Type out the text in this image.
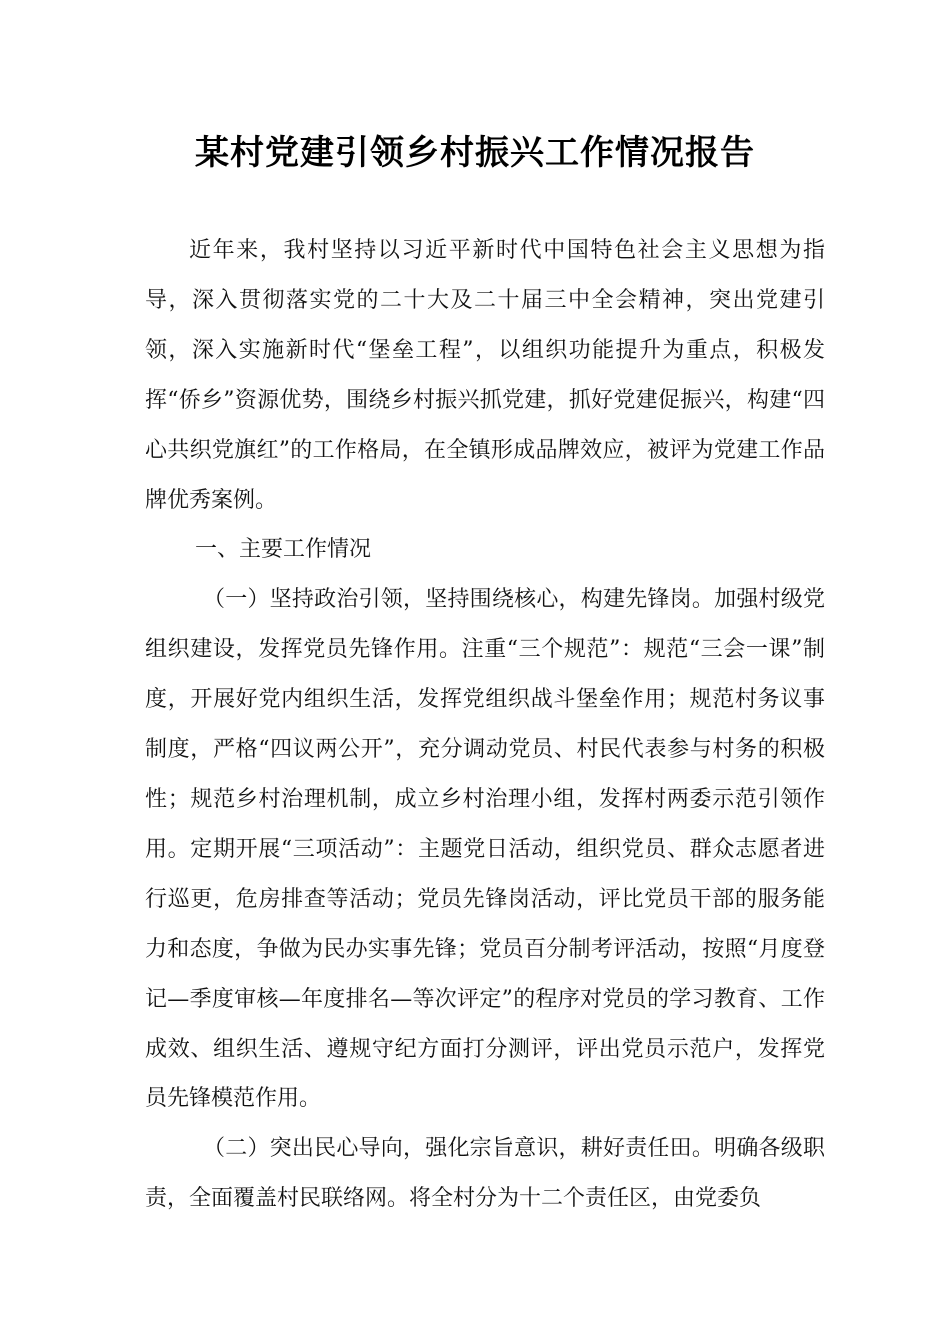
某村党建引领乡村振兴工作情况报告

近年来，我村坚持以习近平新时代中国特色社会主义思想为指导，深入贯彻落实党的二十大及二十届三中全会精神，突出党建引领，深入实施新时代“堡垒工程”，以组织功能提升为重点，积极发挥“侨乡”资源优势，围绕乡村振兴抓党建，抓好党建促振兴，构建“四心共织党旗红”的工作格局，在全镇形成品牌效应，被评为党建工作品牌优秀案例。

一、主要工作情况

（一）坚持政治引领，坚持围绕核心，构建先锋岗。加强村级党组织建设，发挥党员先锋作用。注重“三个规范”：规范“三会一课”制度，开展好党内组织生活，发挥党组织战斗堡垒作用；规范村务议事制度，严格“四议两公开”，充分调动党员、村民代表参与村务的积极性；规范乡村治理机制，成立乡村治理小组，发挥村两委示范引领作用。定期开展“三项活动”：主题党日活动，组织党员、群众志愿者进行巡更，危房排查等活动；党员先锋岗活动，评比党员干部的服务能力和态度，争做为民办实事先锋；党员百分制考评活动，按照“月度登记—季度审核—年度排名—等次评定”的程序对党员的学习教育、工作成效、组织生活、遵规守纪方面打分测评，评出党员示范户，发挥党员先锋模范作用。

（二）突出民心导向，强化宗旨意识，耕好责任田。明确各级职责，全面覆盖村民联络网。将全村分为十二个责任区，由党委负
